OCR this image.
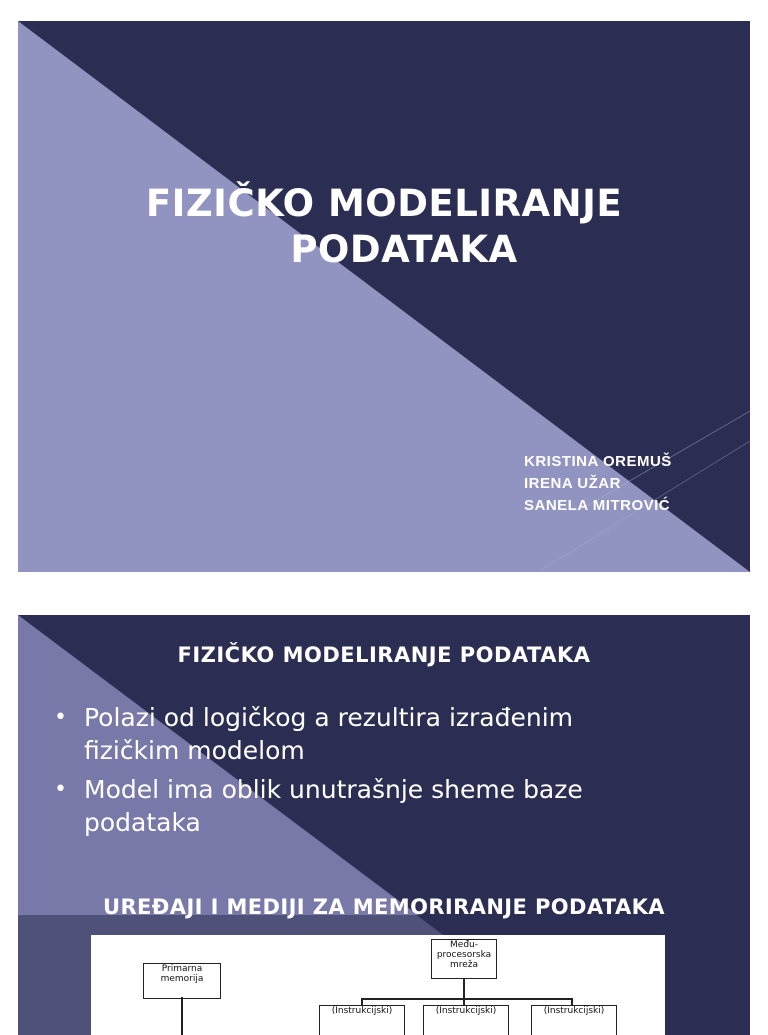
FIZIČKO MODELIRANJE
PODATAKA
KRISTINA OREMUŠ
IRENA UŽAR
SANELA MITROVIĆ
FIZIČKO MODELIRANJE PODATAKA
• Polazi od logičkog a rezultira izrađenim fizičkim modelom
• Model ima oblik unutrašnje sheme baze podataka
UREĐAJI I MEDIJI ZA MEMORIRANJE PODATAKA
Primarna memorija
Među-procesorska mreža
(Instrukcijski)	(Instrukcijski)	(Instrukcijski)
